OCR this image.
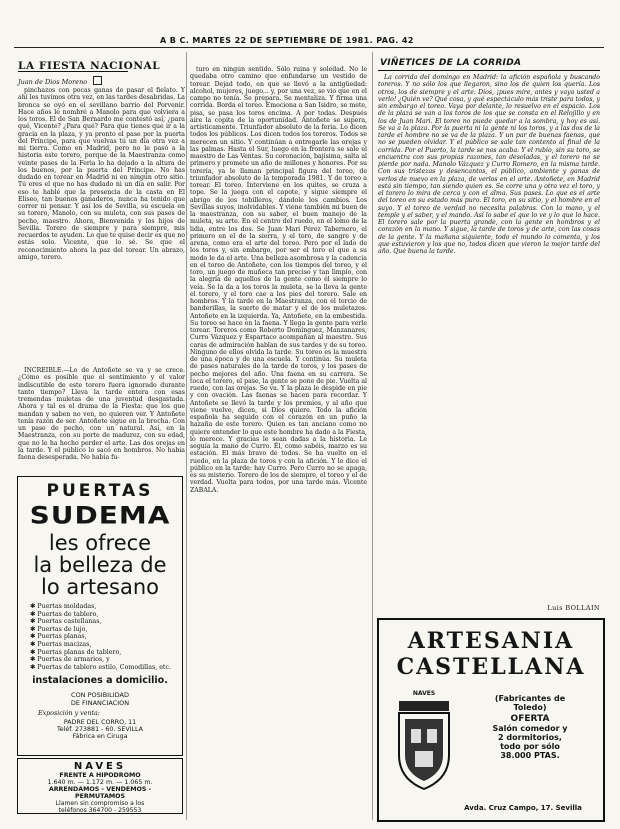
A B C. MARTES 22 DE SEPTIEMBRE DE 1981. PAG. 42
LA FIESTA NACIONAL
Juan de Dios Moreno

pinchazos con pocas ganas de pasar el fielato. Y ahí les tuvimos otra vez, en las tardes desabridas. La bronca se oyó en el sevillano barrio del Porvenir. Hace años le nombré a Manolo para que volviera a los toros. El de San Bernardo me contestó así, ¿para qué, Vicente? ¿Para qué? Para que tienes que ir a la gracia en la plaza, y ya pronto el pase por la puerta del Príncipe, para que vuelvas tú un día otra vez a mi tierra. Como en Madrid, pero no le pasó a la historia este torero, porque de la Maestranza como veinte pases de la Feria lo ha dejado a la altura de los buenos, por la puerta del Príncipe. No has dudado en torear en Madrid ni en ningún otro sitio. Tú eres el que no has dudado ni un día en salir. Por eso te hablé que la presencia de la casta en El Elíseo, tan buenos ganaderos, nunca ha tenido que correr ni pensar. Y así los de Sevilla, su escuela en su torero, Manolo, con su muleta, con sus pases de pecho, maestro. Ahora, Bienvenida y los hijos de Sevilla. Torero de siempre y para siempre, mis recuerdos te ayuden. Lo que te quise decir es que no estás solo. Vicente, que lo sé. Se que el reconocimiento ahora la paz del torear. Un abrazo, amigo, torero.

INCREÍBLE.—Lo de Antoñete se va y se crece. ¿Cómo es posible que el sentimiento y el valor indiscutible de este torero fuera ignorado durante tanto tiempo? Lleva la tarde entera con esas tremendas muletas de una juventud desgastada. Ahora y tal es el drama de la Fiesta: que los que mandan y saben no ven, no quieren ver. Y Antoñete tenía razón de ser. Antoñete sigue en la brecha. Con un pase de pecho, con un natural. Así, en la Maestranza, con su porte de madurez, con su edad, que no le ha hecho perder el arte. Las dos orejas en la tarde. Y el público lo sacó en hombros. No había faena desesperada. No había fu-

PUERTAS
SUDEMA
les ofrece
la belleza de
lo artesano
✱ Puertas moldadas,
✱ Puertas de tablero,
✱ Puertas castellanas,
✱ Puertas de lujo,
✱ Puertas planas,
✱ Puertas macizas,
✱ Puertas planas de tablero,
✱ Puertas de armarios, y
✱ Puertas de tablero estilo, Comodillas, etc.
instalaciones a domicilio.
CON POSIBILIDAD
DE FINANCIACION
Exposición y venta:
PADRE DEL CORRO, 11
Teléf. 273881 - 60. SEVILLA
Fábrica en Ciruga
NAVES
FRENTE A HIPODROMO
1.640 m. — 1.172 m. — 1.065 m.
ARRENDAMOS - VENDEMOS -
PERMUTAMOS
Llamen sin compromiso a los
teléfonos 364700 - 259553

turo en ningún sentido. Sólo ruina y soledad. No le quedaba otro camino que enfundarse un vestido de torear. Dejad todo, en que se llevó a la antigüedad: alcohol, mujeres, juego... y, por una vez, se vio que en el campo no tenía. Se prepara. Se mentaliza. Y firma una corrida. Borda el toreo. Emociona a San Isidro, se mete, pisa, se pasa los toros encima. A por todas. Después aire la copita de la oportunidad. Antoñete se supera, artísticamente. Triunfador absoluto de la feria. Lo dicen todos los públicos. Los dicen todos los toreros. Todos se merecen un sitio. Y continúan a entregarle las orejas y las palmas. Hasta el Sur, luego en la frontera se sale el maestro de Las Ventas. Su coronación, bajísima, salta al primero y promete un año de millones y honores. Por su torería, ya le llaman principal figura del toreo, de triunfador absoluto de la temporada 1981. Y de toreo a torear. El toreo. Interviene en los quites, se cruza a tope. Se la juega con el capote, y sigue siempre el abrigo de los tobilleros, dándole los cambios. Los Sevillas suyos, inolvidables. Y viene también mi buen de la maestranza, con su saber, el buen manejo de la muleta, su arte. En el centro del ruedo, en el lomo de la lidia, entre los dos. Se Juan Mari Pérez Tabernero, el primero en el de la sierra, y el toro, de sangre y de arena, como era el arte del toreo. Pero por el lado de los toros y, sin embargo, por ser el toro el que a su modo le da el arte. Una belleza asombrosa y la cadencia en el toreo de Antoñete, con los tiempos del toreo, y el toro, un juego de muñeca tan preciso y tan limpio, con la alegría de aquellos de la gente como él siempre lo veía. Se la da a los toros la muleta, se la lleva la gente el torero, y el toro cae a los pies del torero. Sale en hombros. Y la tarde en la Maestranza, con el tercio de banderillas, la suerte de matar y el de los muletazos. Antoñete en la izquierda. Ya, Antoñete, en la embestida. Su toreo se hace en la faena. Y llega la gente para verle torear. Toreros como Roberto Domínguez, Manzanares, Curro Vázquez y Espartaco acompañan al maestro. Sus caras de admiración hablan de sus tardes y de su toreo. Ninguno de ellos olvida la tarde. Su toreo es la muestra de una época y de una escuela. Y continúa. Su muleta de pases naturales de la tarde de toros, y los pases de pecho mejores del año. Una faena en su carrera. Se toca el torero, el pase, la gente se pone de pie. Vuelta al ruedo, con las orejas. Se va. Y la plaza le despide en pie y con ovación. Las faenas se hacen para recordar. Y Antoñete se llevó la tarde y los premios, y al año que viene vuelve, dicen, si Dios quiere. Todo la afición española ha seguido con el corazón en un puño la hazaña de este torero. Quien es tan anciano como no quiere entender lo que este hombre ha dado a la Fiesta, lo merece. Y gracias le sean dadas a la historia. Le seguía la mano de Curro. Él, como sabéis, marzo es su estación. El más bravo de todos. Se ha vuelto en el ruedo, en la plaza de toros y con la afición. Y le dice el público en la tarde: hay Curro. Pero Curro no se apaga, es su misterio. Torero de los de siempre, el toreo y el de verdad. Vuelta para todos, por una tarde más. Vicente ZABALA.

VIÑETICES DE LA CORRIDA

La corrida del domingo en Madrid: la afición española y buscando toreros. Y no sólo los que llegaron, sino los de quien los quería. Los otros, los de siempre y el arte. Dios, ¡pues mire, antes y vaya usted a verlo! ¿Quién ve? Qué cosa, y qué espectáculo más triste para todos, y sin embargo el toreo. Vaya por delante, lo resuelvo en el espacio. Los de la plaza se van a los toros de los que se consta en el Relojillo y en los de Juan Mari. El toreo no puede quedar a la sombra, y hoy es así. Se va a la plaza. Por la puerta ni la gente ni los toros, y a las dos de la tarde el hombre no se va de la plaza. Y un par de buenas faenas, que no se pueden olvidar. Y el público se sale tan contento al final de la corrida. Por el Puerto, la tarde se nos acaba. Y el rubio, sin su toro, se encuentra con sus propias razones, tan desoladas, y el torero no se pierde por nada. Manolo Vázquez y Curro Romero, en la misma tarde. Con sus tristezas y desencantos, el público, ambiente y ganas de verlos de nuevo en la plaza, de verlos en el arte. Antoñete, en Madrid está sin tiempo, tan siendo quien es. Se corre una y otra vez el toro, y el torero lo mira de cerca y con el alma. Sus pases. Lo que es el arte del toreo en su estado más puro. El toro, en su sitio, y el hombre en el suyo. Y el toreo de verdad no necesita palabras. Con la mano, y el temple y el saber, y el mando. Así lo sabe el que lo ve y lo que lo hace. El torero sale por la puerta grande, con la gente en hombros y el corazón en la mano. Y sigue, la tarde de toros y de arte, con las cosas de la gente. Y la mañana siguiente, todo el mundo lo comenta, y los que estuvieron y los que no, todos dicen que vieron la mejor tarde del año. Qué buena la tarde.

Luis BOLLAIN
ARTESANIA
CASTELLANA
NAVES
(Fabricantes de
Toledo)
OFERTA
Salón comedor y
2 dormitorios,
todo por sólo
38.000 PTAS.
Avda. Cruz Campo, 17. Sevilla
